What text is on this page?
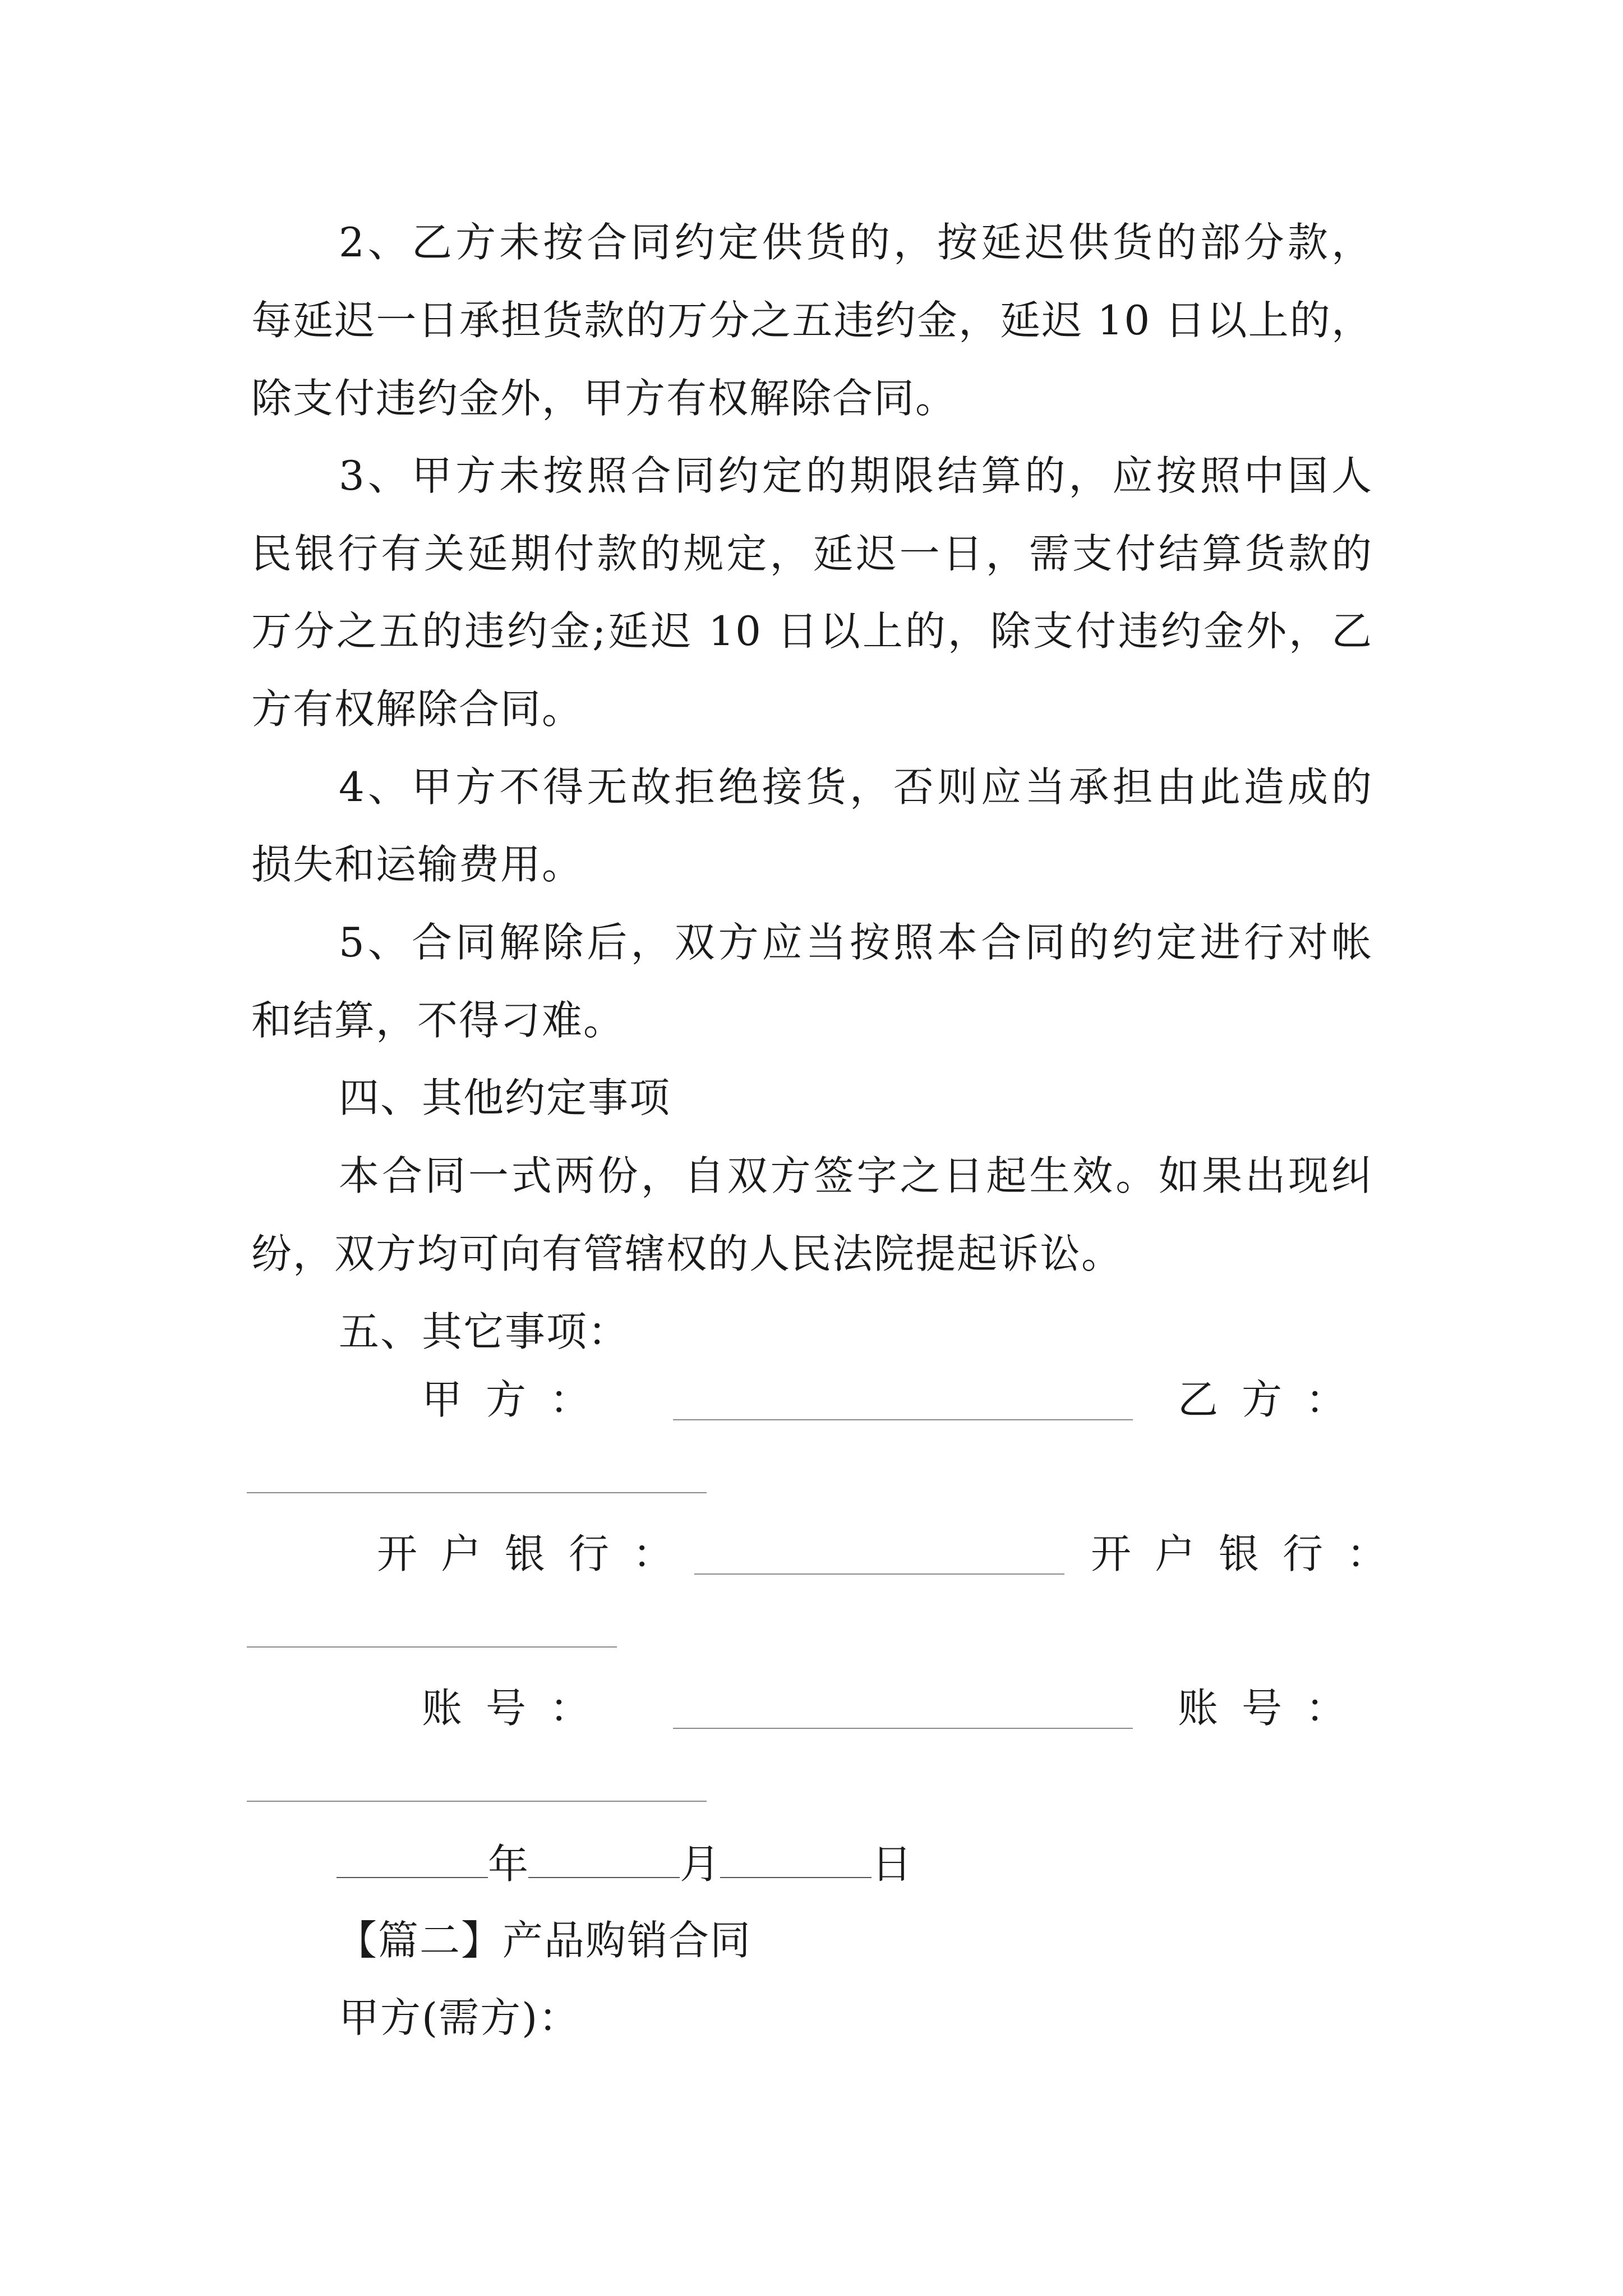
2、乙方未按合同约定供货的，按延迟供货的部分款，
每延迟一日承担货款的万分之五违约金，延迟 10 日以上的，
除支付违约金外，甲方有权解除合同。
3、甲方未按照合同约定的期限结算的，应按照中国人
民银行有关延期付款的规定，延迟一日，需支付结算货款的
万分之五的违约金;延迟 10 日以上的，除支付违约金外，乙
方有权解除合同。
4、甲方不得无故拒绝接货，否则应当承担由此造成的
损失和运输费用。
5、合同解除后，双方应当按照本合同的约定进行对帐
和结算，不得刁难。
四、其他约定事项
本合同一式两份，自双方签字之日起生效。如果出现纠
纷，双方均可向有管辖权的人民法院提起诉讼。
五、其它事项：
甲方：	乙方：
开户银行：	开户银行：
账号：	账号：
年	月	日
【篇二】产品购销合同
甲方(需方)：
